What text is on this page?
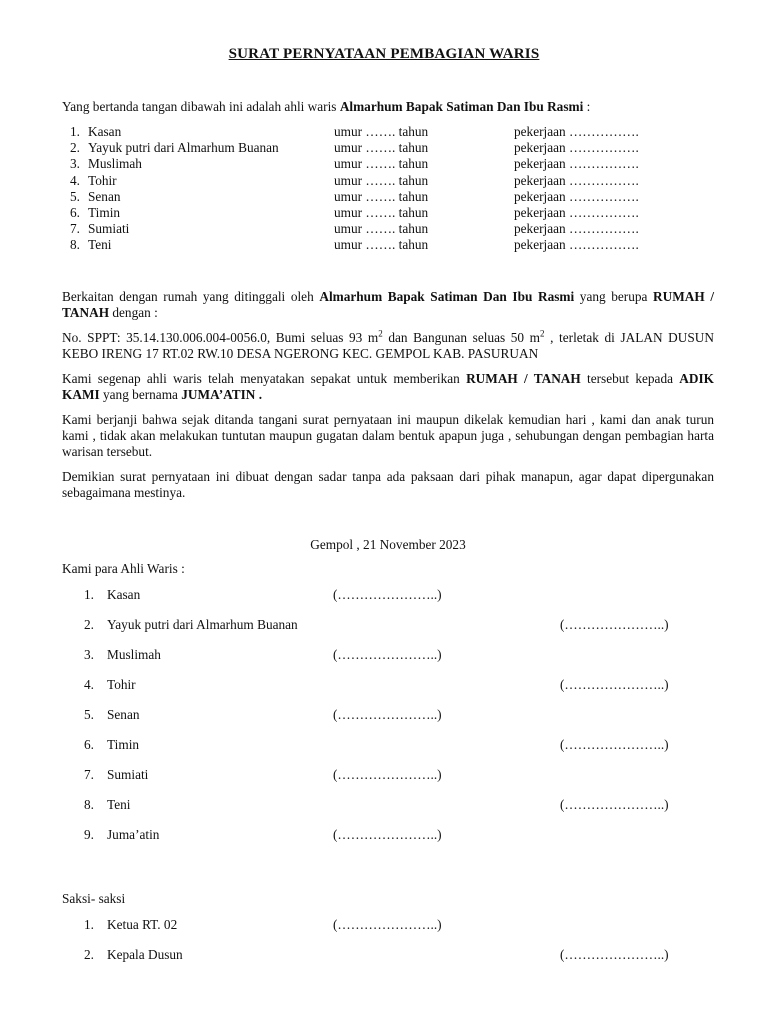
SURAT PERNYATAAN PEMBAGIAN WARIS

Yang bertanda tangan dibawah ini adalah ahli waris Almarhum Bapak Satiman Dan Ibu Rasmi :

1. Kasan	umur ……. tahun	pekerjaan …………….
2. Yayuk putri dari Almarhum Buanan	umur ……. tahun	pekerjaan …………….
3. Muslimah	umur ……. tahun	pekerjaan …………….
4. Tohir	umur ……. tahun	pekerjaan …………….
5. Senan	umur ……. tahun	pekerjaan …………….
6. Timin	umur ……. tahun	pekerjaan …………….
7. Sumiati	umur ……. tahun	pekerjaan …………….
8. Teni	umur ……. tahun	pekerjaan …………….

Berkaitan dengan rumah yang ditinggali oleh Almarhum Bapak Satiman Dan Ibu Rasmi yang berupa RUMAH / TANAH dengan :

No. SPPT: 35.14.130.006.004-0056.0, Bumi seluas 93 $m^2$ dan Bangunan seluas 50 $m^2$ , terletak di JALAN DUSUN KEBO IRENG 17 RT.02 RW.10 DESA NGERONG KEC. GEMPOL KAB. PASURUAN

Kami segenap ahli waris telah menyatakan sepakat untuk memberikan RUMAH / TANAH tersebut kepada ADIK KAMI yang bernama JUMA’ATIN .

Kami berjanji bahwa sejak ditanda tangani surat pernyataan ini maupun dikelak kemudian hari , kami dan anak turun kami , tidak akan melakukan tuntutan maupun gugatan dalam bentuk apapun juga , sehubungan dengan pembagian harta warisan tersebut.

Demikian surat pernyataan ini dibuat dengan sadar tanpa ada paksaan dari pihak manapun, agar dapat dipergunakan sebagaimana mestinya.

Gempol , 21 November 2023
Kami para Ahli Waris :
1. Kasan	(…………………..)
2. Yayuk putri dari Almarhum Buanan	(…………………..)
3. Muslimah	(…………………..)
4. Tohir	(…………………..)
5. Senan	(…………………..)
6. Timin	(…………………..)
7. Sumiati	(…………………..)
8. Teni	(…………………..)
9. Juma’atin	(…………………..)
Saksi- saksi
1. Ketua RT. 02	(…………………..)
2. Kepala Dusun	(…………………..)
